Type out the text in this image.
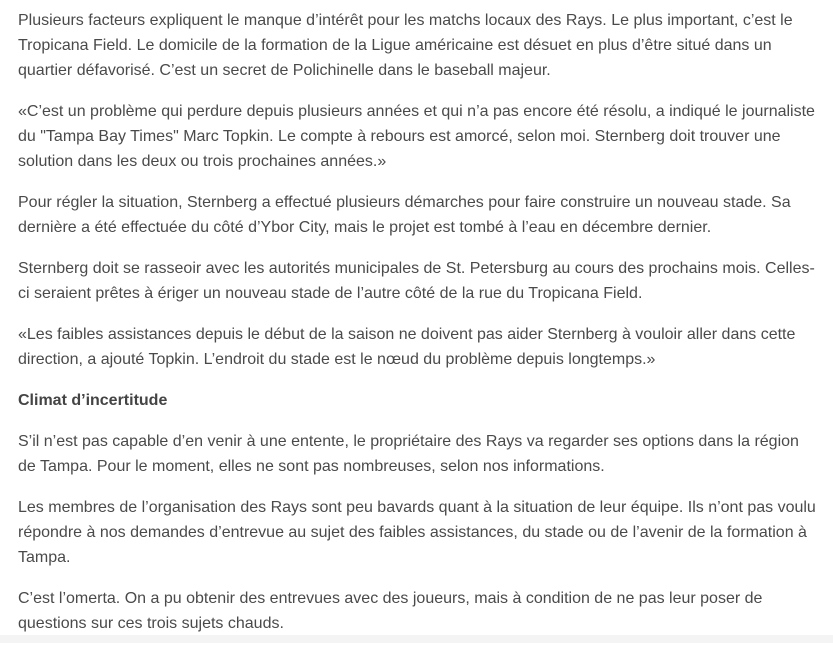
Plusieurs facteurs expliquent le manque d’intérêt pour les matchs locaux des Rays. Le plus important, c’est le Tropicana Field. Le domicile de la formation de la Ligue américaine est désuet en plus d’être situé dans un quartier défavorisé. C’est un secret de Polichinelle dans le baseball majeur.

«C’est un problème qui perdure depuis plusieurs années et qui n’a pas encore été résolu, a indiqué le journaliste du "Tampa Bay Times" Marc Topkin. Le compte à rebours est amorcé, selon moi. Sternberg doit trouver une solution dans les deux ou trois prochaines années.»

Pour régler la situation, Sternberg a effectué plusieurs démarches pour faire construire un nouveau stade. Sa dernière a été effectuée du côté d’Ybor City, mais le projet est tombé à l’eau en décembre dernier.

Sternberg doit se rasseoir avec les autorités municipales de St. Petersburg au cours des prochains mois. Celles-ci seraient prêtes à ériger un nouveau stade de l’autre côté de la rue du Tropicana Field.

«Les faibles assistances depuis le début de la saison ne doivent pas aider Sternberg à vouloir aller dans cette direction, a ajouté Topkin. L’endroit du stade est le nœud du problème depuis longtemps.»

Climat d’incertitude

S’il n’est pas capable d’en venir à une entente, le propriétaire des Rays va regarder ses options dans la région de Tampa. Pour le moment, elles ne sont pas nombreuses, selon nos informations.

Les membres de l’organisation des Rays sont peu bavards quant à la situation de leur équipe. Ils n’ont pas voulu répondre à nos demandes d’entrevue au sujet des faibles assistances, du stade ou de l’avenir de la formation à Tampa.

C’est l’omerta. On a pu obtenir des entrevues avec des joueurs, mais à condition de ne pas leur poser de questions sur ces trois sujets chauds.
